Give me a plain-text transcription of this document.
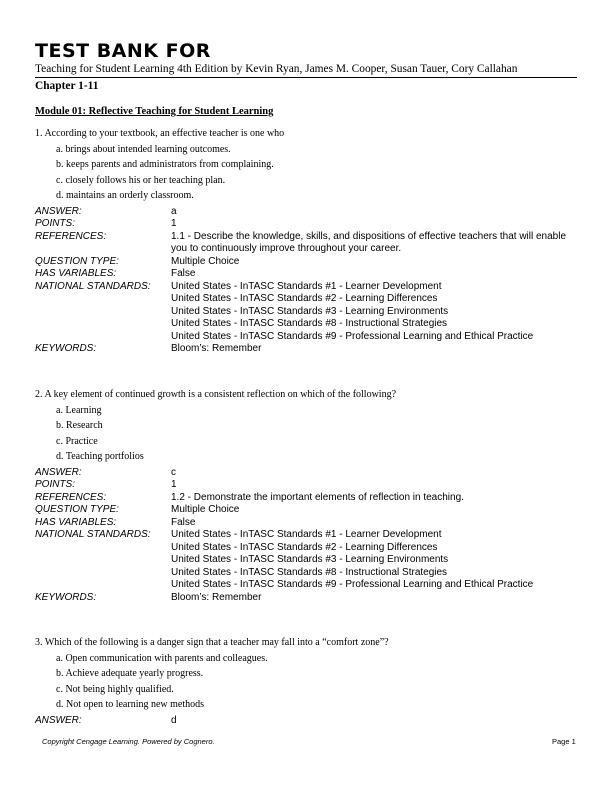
TEST BANK FOR
Teaching for Student Learning 4th Edition by Kevin Ryan, James M. Cooper, Susan Tauer, Cory Callahan
Chapter 1-11
Module 01: Reflective Teaching for Student Learning
1. According to your textbook, an effective teacher is one who
a. brings about intended learning outcomes.
b. keeps parents and administrators from complaining.
c. closely follows his or her teaching plan.
d. maintains an orderly classroom.
ANSWER:	a
POINTS:	1
REFERENCES:	1.1 - Describe the knowledge, skills, and dispositions of effective teachers that will enable you to continuously improve throughout your career.
QUESTION TYPE:	Multiple Choice
HAS VARIABLES:	False
NATIONAL STANDARDS:	United States - InTASC Standards #1 - Learner Development
United States - InTASC Standards #2 - Learning Differences
United States - InTASC Standards #3 - Learning Environments
United States - InTASC Standards #8 - Instructional Strategies
United States - InTASC Standards #9 - Professional Learning and Ethical Practice
KEYWORDS:	Bloom’s: Remember
2. A key element of continued growth is a consistent reflection on which of the following?
a. Learning
b. Research
c. Practice
d. Teaching portfolios
ANSWER:	c
POINTS:	1
REFERENCES:	1.2 - Demonstrate the important elements of reflection in teaching.
QUESTION TYPE:	Multiple Choice
HAS VARIABLES:	False
NATIONAL STANDARDS:	United States - InTASC Standards #1 - Learner Development
United States - InTASC Standards #2 - Learning Differences
United States - InTASC Standards #3 - Learning Environments
United States - InTASC Standards #8 - Instructional Strategies
United States - InTASC Standards #9 - Professional Learning and Ethical Practice
KEYWORDS:	Bloom’s: Remember
3. Which of the following is a danger sign that a teacher may fall into a “comfort zone”?
a. Open communication with parents and colleagues.
b. Achieve adequate yearly progress.
c. Not being highly qualified.
d. Not open to learning new methods
ANSWER:	d
Copyright Cengage Learning. Powered by Cognero.	Page 1
